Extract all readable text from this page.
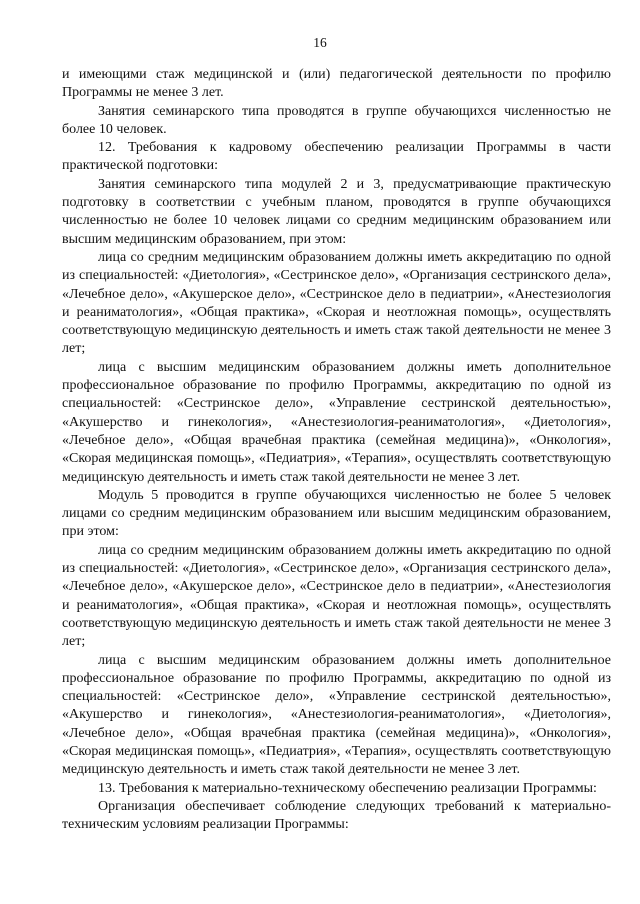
16

и имеющими стаж медицинской и (или) педагогической деятельности по профилю Программы не менее 3 лет.

Занятия семинарского типа проводятся в группе обучающихся численностью не более 10 человек.

12. Требования к кадровому обеспечению реализации Программы в части практической подготовки:

Занятия семинарского типа модулей 2 и 3, предусматривающие практическую подготовку в соответствии с учебным планом, проводятся в группе обучающихся численностью не более 10 человек лицами со средним медицинским образованием или высшим медицинским образованием, при этом:

лица со средним медицинским образованием должны иметь аккредитацию по одной из специальностей: «Диетология», «Сестринское дело», «Организация сестринского дела», «Лечебное дело», «Акушерское дело», «Сестринское дело в педиатрии», «Анестезиология и реаниматология», «Общая практика», «Скорая и неотложная помощь», осуществлять соответствующую медицинскую деятельность и иметь стаж такой деятельности не менее 3 лет;

лица с высшим медицинским образованием должны иметь дополнительное профессиональное образование по профилю Программы, аккредитацию по одной из специальностей: «Сестринское дело», «Управление сестринской деятельностью», «Акушерство и гинекология», «Анестезиология-реаниматология», «Диетология», «Лечебное дело», «Общая врачебная практика (семейная медицина)», «Онкология», «Скорая медицинская помощь», «Педиатрия», «Терапия», осуществлять соответствующую медицинскую деятельность и иметь стаж такой деятельности не менее 3 лет.

Модуль 5 проводится в группе обучающихся численностью не более 5 человек лицами со средним медицинским образованием или высшим медицинским образованием, при этом:

лица со средним медицинским образованием должны иметь аккредитацию по одной из специальностей: «Диетология», «Сестринское дело», «Организация сестринского дела», «Лечебное дело», «Акушерское дело», «Сестринское дело в педиатрии», «Анестезиология и реаниматология», «Общая практика», «Скорая и неотложная помощь», осуществлять соответствующую медицинскую деятельность и иметь стаж такой деятельности не менее 3 лет;

лица с высшим медицинским образованием должны иметь дополнительное профессиональное образование по профилю Программы, аккредитацию по одной из специальностей: «Сестринское дело», «Управление сестринской деятельностью», «Акушерство и гинекология», «Анестезиология-реаниматология», «Диетология», «Лечебное дело», «Общая врачебная практика (семейная медицина)», «Онкология», «Скорая медицинская помощь», «Педиатрия», «Терапия», осуществлять соответствующую медицинскую деятельность и иметь стаж такой деятельности не менее 3 лет.

13. Требования к материально-техническому обеспечению реализации Программы:

Организация обеспечивает соблюдение следующих требований к материально-техническим условиям реализации Программы:
